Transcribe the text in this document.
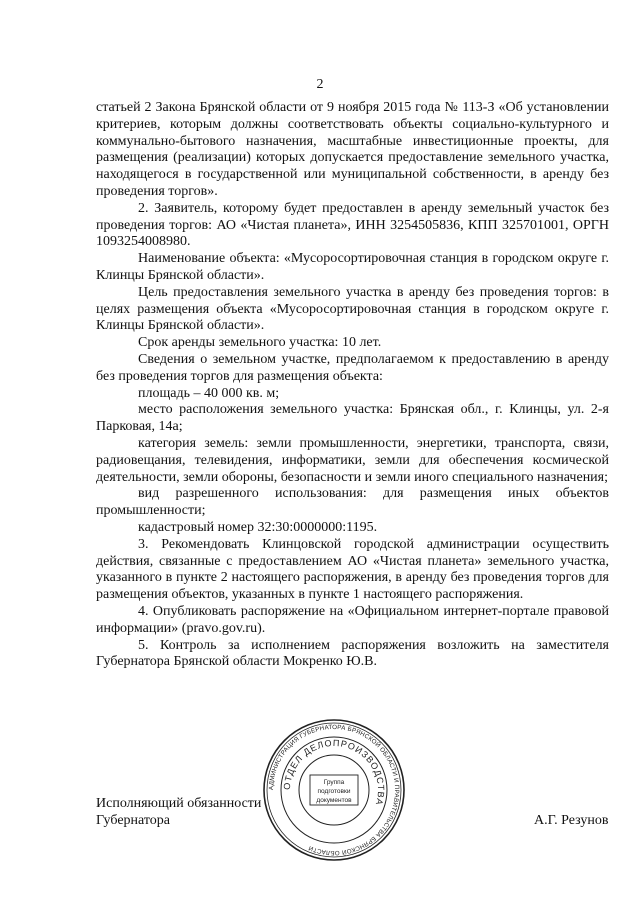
2

статьей 2 Закона Брянской области от 9 ноября 2015 года № 113-З «Об установлении критериев, которым должны соответствовать объекты социально-культурного и коммунально-бытового назначения, масштабные инвестиционные проекты, для размещения (реализации) которых допускается предоставление земельного участка, находящегося в государственной или муниципальной собственности, в аренду без проведения торгов».

2. Заявитель, которому будет предоставлен в аренду земельный участок без проведения торгов: АО «Чистая планета», ИНН 3254505836, КПП 325701001, ОРГН 1093254008980.

Наименование объекта: «Мусоросортировочная станция в городском округе г. Клинцы Брянской области».

Цель предоставления земельного участка в аренду без проведения торгов: в целях размещения объекта «Мусоросортировочная станция в городском округе г. Клинцы Брянской области».

Срок аренды земельного участка: 10 лет.

Сведения о земельном участке, предполагаемом к предоставлению в аренду без проведения торгов для размещения объекта:

площадь – 40 000 кв. м;

место расположения земельного участка: Брянская обл., г. Клинцы, ул. 2-я Парковая, 14а;

категория земель: земли промышленности, энергетики, транспорта, связи, радиовещания, телевидения, информатики, земли для обеспечения космической деятельности, земли обороны, безопасности и земли иного специального назначения;

вид разрешенного использования: для размещения иных объектов промышленности;

кадастровый номер 32:30:0000000:1195.

3. Рекомендовать Клинцовской городской администрации осуществить действия, связанные с предоставлением АО «Чистая планета» земельного участка, указанного в пункте 2 настоящего распоряжения, в аренду без проведения торгов для размещения объектов, указанных в пункте 1 настоящего распоряжения.

4. Опубликовать распоряжение на «Официальном интернет-портале правовой информации» (pravo.gov.ru).

5. Контроль за исполнением распоряжения возложить на заместителя Губернатора Брянской области Мокренко Ю.В.

Исполняющий обязанности
Губернатора	А.Г. Резунов
АДМИНИСТРАЦИЯ ГУБЕРНАТОРА БРЯНСКОЙ ОБЛАСТИ И ПРАВИТЕЛЬСТВА БРЯНСКОЙ ОБЛАСТИ
ОТДЕЛ ДЕЛОПРОИЗВОДСТВА
Группа
подготовки
документов
